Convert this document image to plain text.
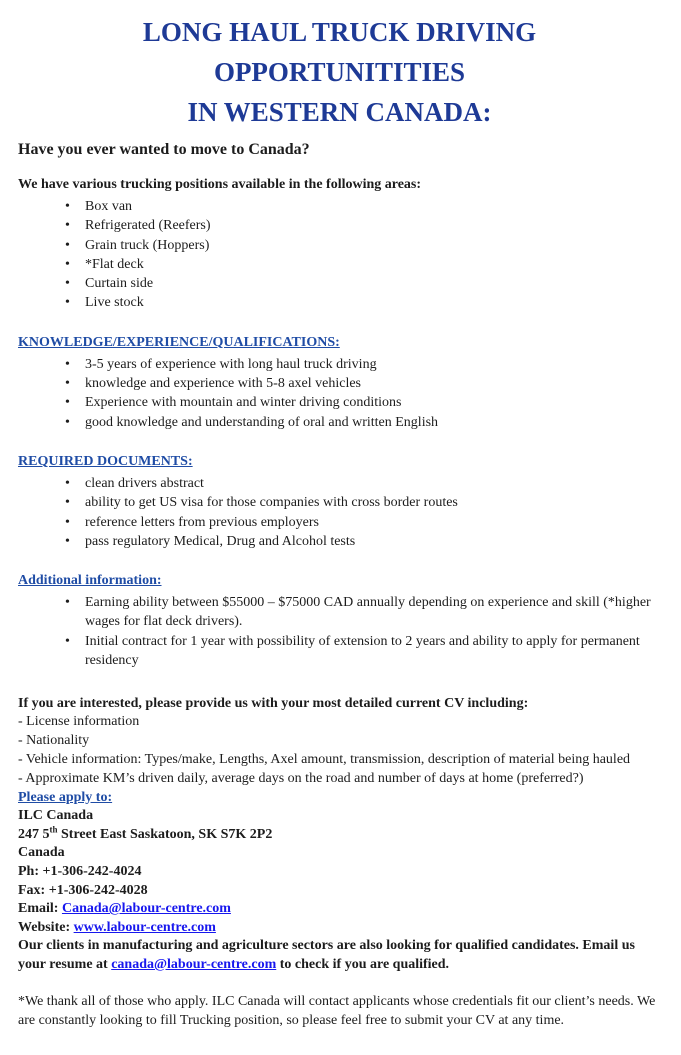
LONG HAUL TRUCK DRIVING OPPORTUNITITIES
IN WESTERN CANADA:

Have you ever wanted to move to Canada?

We have various trucking positions available in the following areas:

• Box van
• Refrigerated (Reefers)
• Grain truck (Hoppers)
• *Flat deck
• Curtain side
• Live stock

KNOWLEDGE/EXPERIENCE/QUALIFICATIONS:

• 3-5 years of experience with long haul truck driving
• knowledge and experience with 5-8 axel vehicles
• Experience with mountain and winter driving conditions
• good knowledge and understanding of oral and written English

REQUIRED DOCUMENTS:

• clean drivers abstract
• ability to get US visa for those companies with cross border routes
• reference letters from previous employers
• pass regulatory Medical, Drug and Alcohol tests

Additional information:

• Earning ability between $55000 – $75000 CAD annually depending on experience and skill (*higher wages for flat deck drivers).
• Initial contract for 1 year with possibility of extension to 2 years and ability to apply for permanent residency

If you are interested, please provide us with your most detailed current CV including:

- License information

- Nationality

- Vehicle information: Types/make, Lengths, Axel amount, transmission, description of material being hauled

- Approximate KM’s driven daily, average days on the road and number of days at home (preferred?)

Please apply to:

ILC Canada

247 5th Street East Saskatoon, SK S7K 2P2

Canada

Ph: +1-306-242-4024

Fax: +1-306-242-4028

Email: Canada@labour-centre.com

Website: www.labour-centre.com

Our clients in manufacturing and agriculture sectors are also looking for qualified candidates. Email us your resume at canada@labour-centre.com to check if you are qualified.

*We thank all of those who apply. ILC Canada will contact applicants whose credentials fit our client’s needs. We are constantly looking to fill Trucking position, so please feel free to submit your CV at any time.
